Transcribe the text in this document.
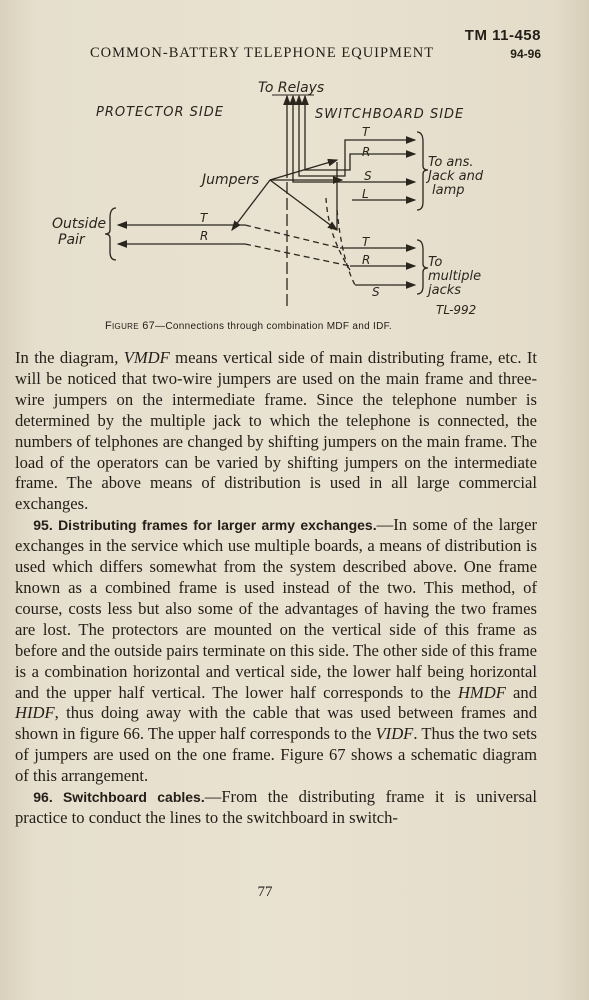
TM 11-458
COMMON-BATTERY TELEPHONE EQUIPMENT	94-96
To Relays
PROTECTOR SIDE	SWITCHBOARD SIDE
Jumpers
Outside
Pair
To ans.
Jack and
lamp
To
multiple
jacks
T
R
S
L
T
R	T
R
S
TL-992
Figure 67—Connections through combination MDF and IDF.

In the diagram, VMDF means vertical side of main distributing frame, etc. It will be noticed that two-wire jumpers are used on the main frame and three-wire jumpers on the intermediate frame. Since the telephone number is determined by the multiple jack to which the telephone is connected, the numbers of telphones are changed by shifting jumpers on the main frame. The load of the operators can be varied by shifting jumpers on the intermediate frame. The above means of distribution is used in all large commercial exchanges.

95. Distributing frames for larger army exchanges.—In some of the larger exchanges in the service which use multiple boards, a means of distribution is used which differs somewhat from the system described above. One frame known as a combined frame is used instead of the two. This method, of course, costs less but also some of the advantages of having the two frames are lost. The protectors are mounted on the vertical side of this frame as before and the outside pairs terminate on this side. The other side of this frame is a combination horizontal and vertical side, the lower half being horizontal and the upper half vertical. The lower half corresponds to the HMDF and HIDF, thus doing away with the cable that was used between frames and shown in figure 66. The upper half corresponds to the VIDF. Thus the two sets of jumpers are used on the one frame. Figure 67 shows a schematic diagram of this arrangement.

96. Switchboard cables.—From the distributing frame it is universal practice to conduct the lines to the switchboard in switch-

77
